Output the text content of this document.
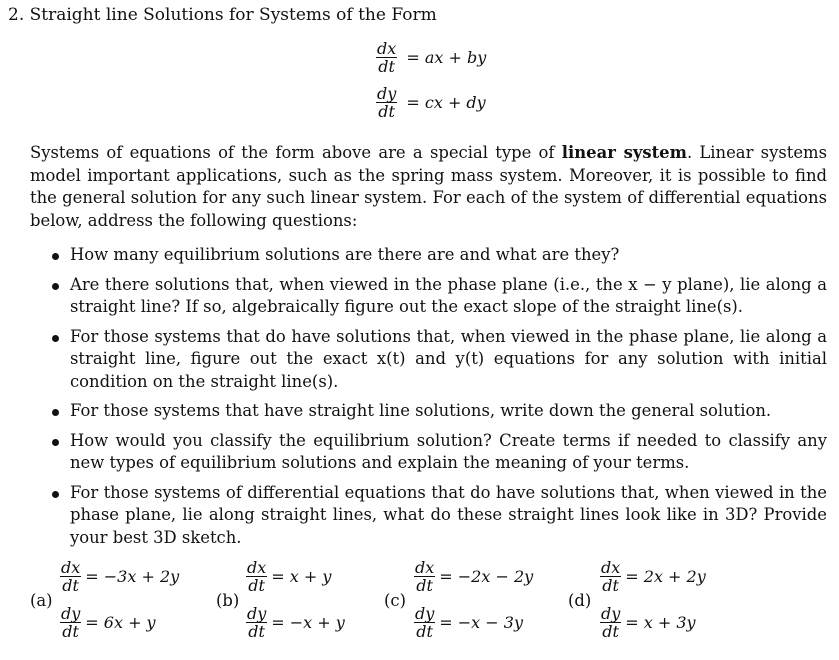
2. Straight line Solutions for Systems of the Form
$\frac{dx}{dt}$ = ax + by
$\frac{dy}{dt}$ = cx + dy
Systems of equations of the form above are a special type of linear system. Linear systems model important applications, such as the spring mass system. Moreover, it is possible to find the general solution for any such linear system. For each of the system of differential equations below, address the following questions:
How many equilibrium solutions are there are and what are they?
Are there solutions that, when viewed in the phase plane (i.e., the x − y plane), lie along a straight line? If so, algebraically figure out the exact slope of the straight line(s).
For those systems that do have solutions that, when viewed in the phase plane, lie along a straight line, figure out the exact x(t) and y(t) equations for any solution with initial condition on the straight line(s).
For those systems that have straight line solutions, write down the general solution.
How would you classify the equilibrium solution? Create terms if needed to classify any new types of equilibrium solutions and explain the meaning of your terms.
For those systems of differential equations that do have solutions that, when viewed in the phase plane, lie along straight lines, what do these straight lines look like in 3D? Provide your best 3D sketch.
(a)
$\frac{dx}{dt} = -3x + 2y$
$\frac{dy}{dt} = 6x + y$
(b)
$\frac{dx}{dt} = x + y$
$\frac{dy}{dt} = -x + y$
(c)
$\frac{dx}{dt} = -2x - 2y$
$\frac{dy}{dt} = -x - 3y$
(d)
$\frac{dx}{dt} = 2x + 2y$
$\frac{dy}{dt} = x + 3y$
